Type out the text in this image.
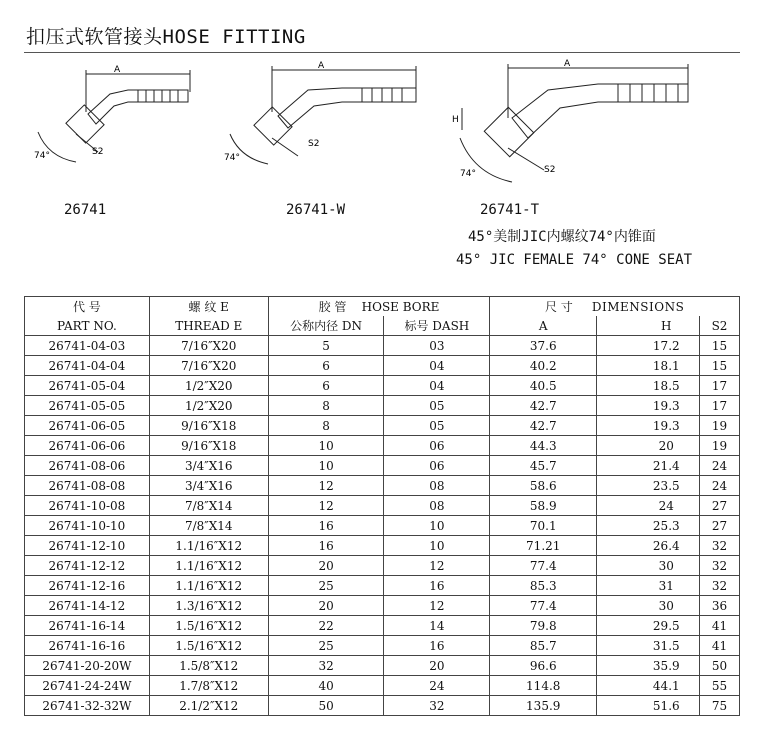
扣压式软管接头HOSE FITTING
A
S2
74°
A
S2
74°
A
H
S2
74°
26741	26741-W	26741-T
45°美制JIC内螺纹74°内锥面
45° JIC FEMALE 74° CONE SEAT
代 号	螺 纹 E	胶 管 HOSE BORE		尺 寸 DIMENSIONS			
PART NO.	THREAD E	公称内径 DN	标号 DASH	A		H	S2
26741-04-03	7/16″X20	5	03	37.6		17.2	15
26741-04-04	7/16″X20	6	04	40.2		18.1	15
26741-05-04	1/2″X20	6	04	40.5		18.5	17
26741-05-05	1/2″X20	8	05	42.7		19.3	17
26741-06-05	9/16″X18	8	05	42.7		19.3	19
26741-06-06	9/16″X18	10	06	44.3		20	19
26741-08-06	3/4″X16	10	06	45.7		21.4	24
26741-08-08	3/4″X16	12	08	58.6		23.5	24
26741-10-08	7/8″X14	12	08	58.9		24	27
26741-10-10	7/8″X14	16	10	70.1		25.3	27
26741-12-10	1.1/16″X12	16	10	71.21		26.4	32
26741-12-12	1.1/16″X12	20	12	77.4		30	32
26741-12-16	1.1/16″X12	25	16	85.3		31	32
26741-14-12	1.3/16″X12	20	12	77.4		30	36
26741-16-14	1.5/16″X12	22	14	79.8		29.5	41
26741-16-16	1.5/16″X12	25	16	85.7		31.5	41
26741-20-20W	1.5/8″X12	32	20	96.6		35.9	50
26741-24-24W	1.7/8″X12	40	24	114.8		44.1	55
26741-32-32W	2.1/2″X12	50	32	135.9		51.6	75
